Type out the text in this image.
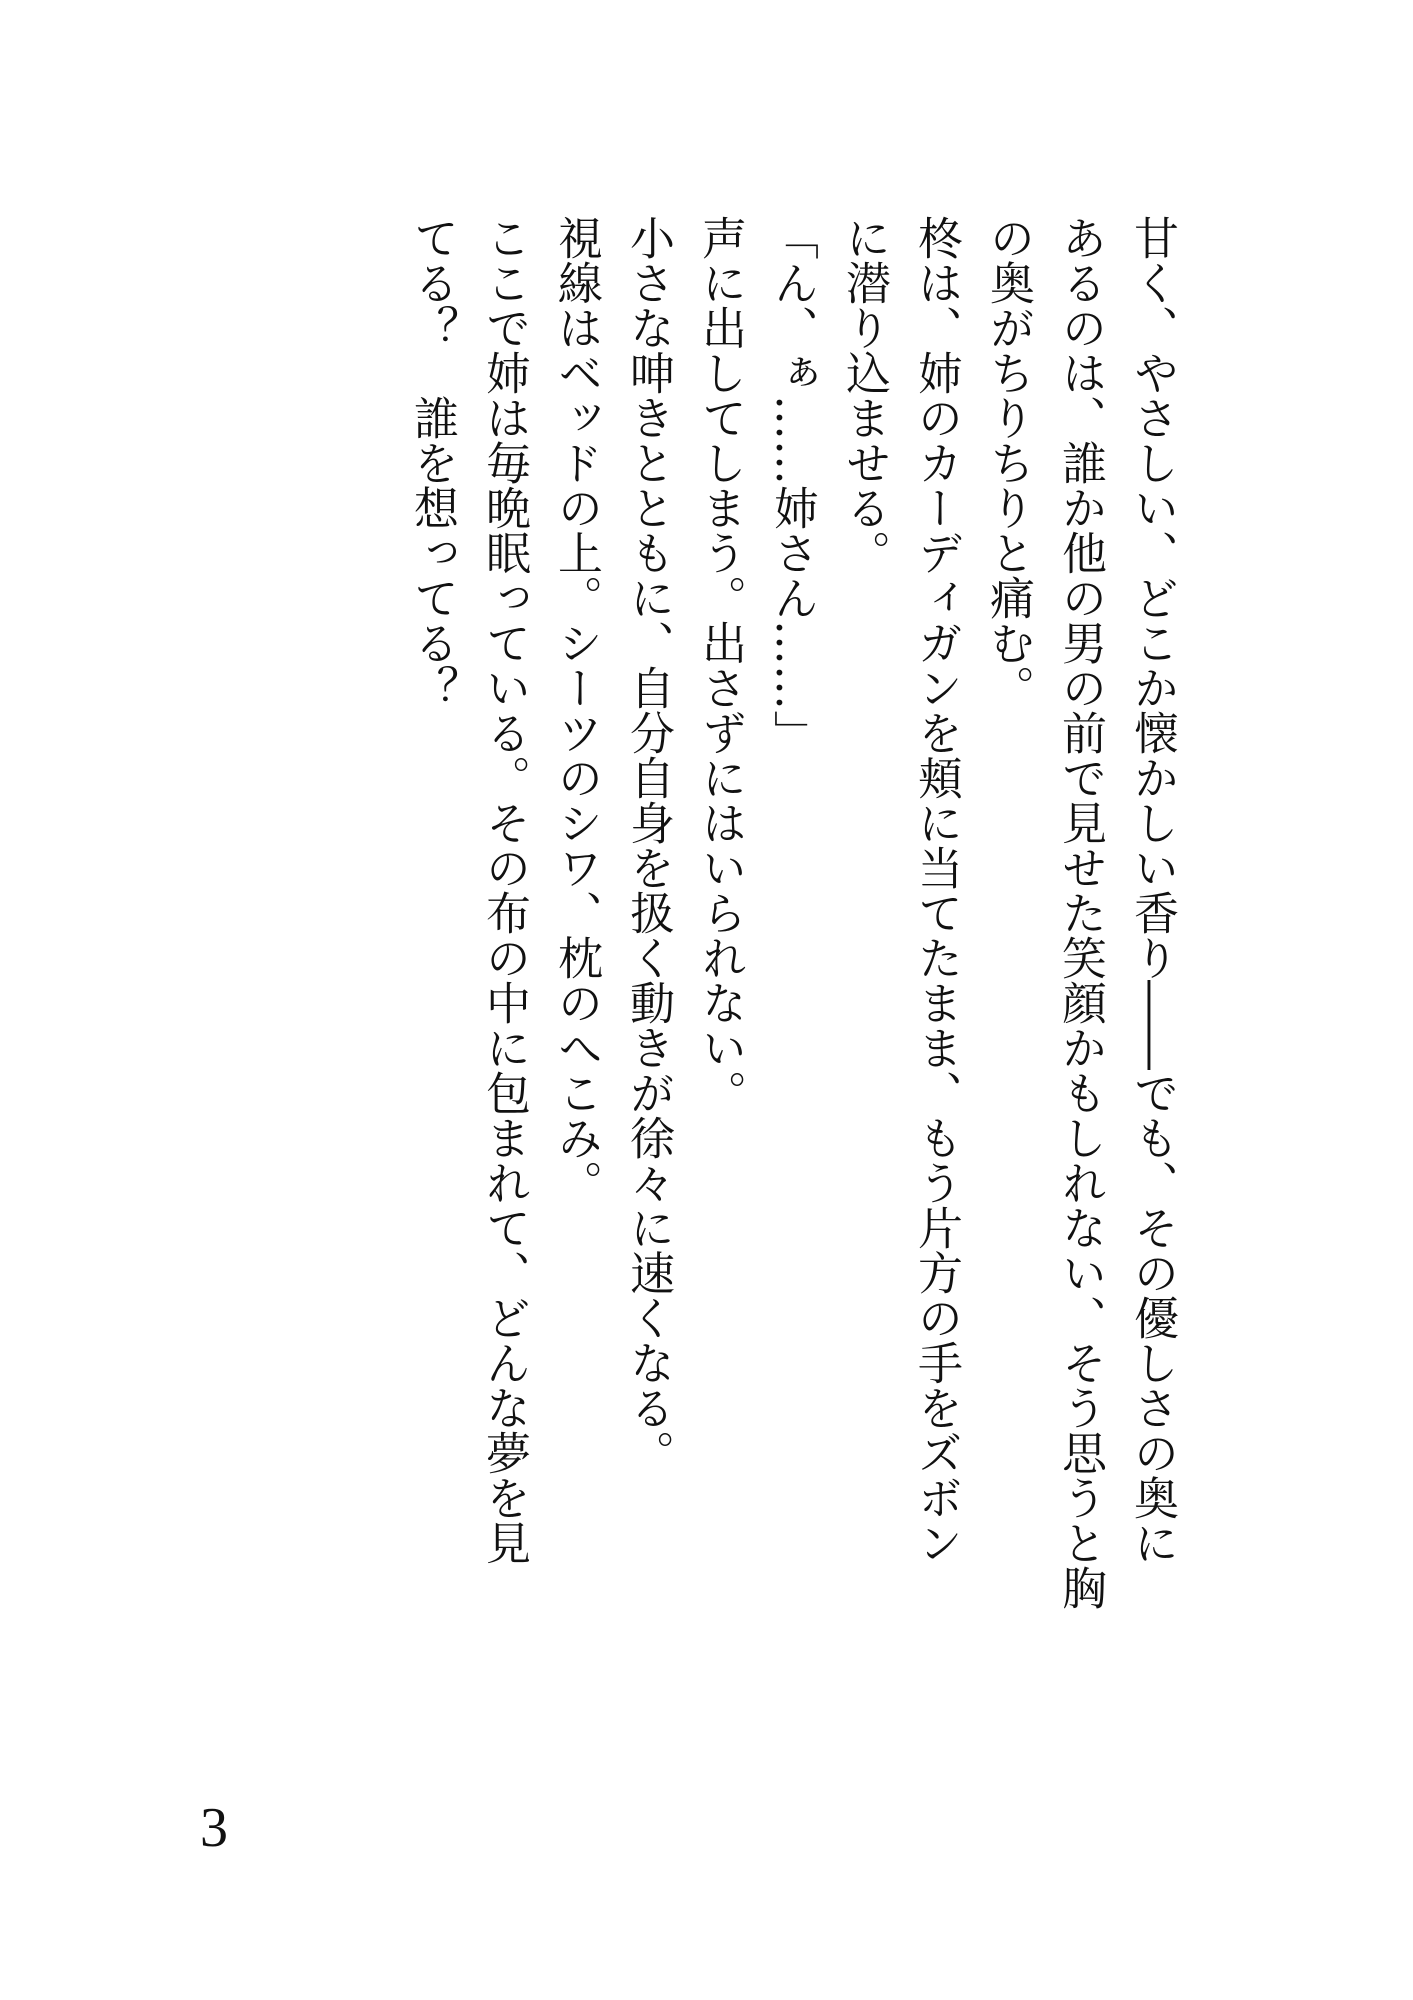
甘く、やさしい、どこか懐かしい香り――でも、その優しさの奥に
あるのは、誰か他の男の前で見せた笑顔かもしれない、そう思うと胸
の奥がちりちりと痛む。
柊は、姉のカーディガンを頬に当てたまま、もう片方の手をズボン
に潜り込ませる。
「ん、ぁ……姉さん……」
声に出してしまう。出さずにはいられない。
小さな呻きとともに、自分自身を扱く動きが徐々に速くなる。
視線はベッドの上。シーツのシワ、枕のへこみ。
ここで姉は毎晩眠っている。その布の中に包まれて、どんな夢を見
てる？　誰を想ってる？
3
